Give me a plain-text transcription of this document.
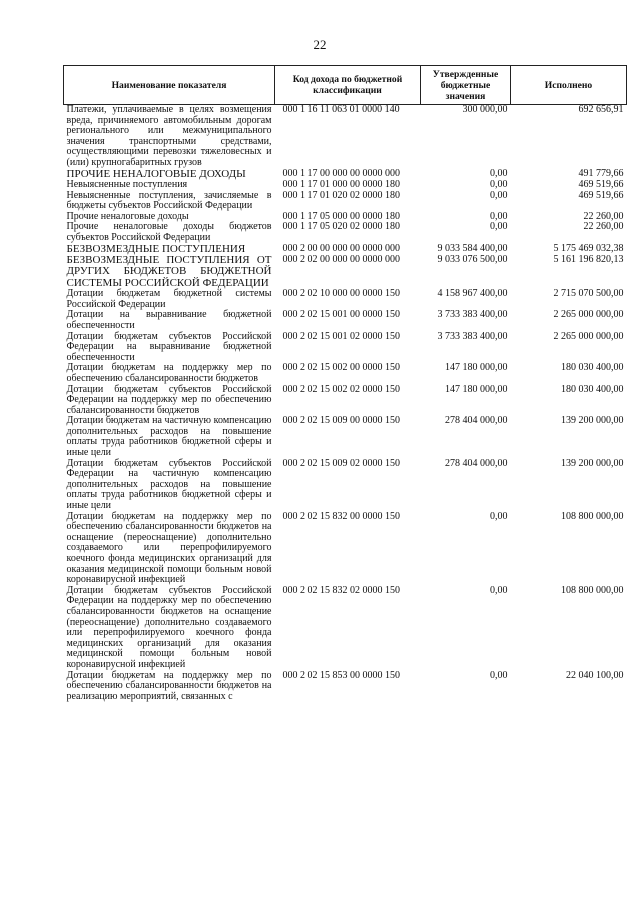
22
Наименование показателя	Код дохода по бюджетной классификации	Утвержденные бюджетные значения	Исполнено
Платежи, уплачиваемые в целях возмещения вреда, причиняемого автомобильным дорогам регионального или межмуниципального значения транспортными средствами, осуществляющими перевозки тяжеловесных и (или) крупногабаритных грузов	000 1 16 11 063 01 0000 140	300 000,00	692 656,91
ПРОЧИЕ НЕНАЛОГОВЫЕ ДОХОДЫ	000 1 17 00 000 00 0000 000	0,00	491 779,66
Невыясненные поступления	000 1 17 01 000 00 0000 180	0,00	469 519,66
Невыясненные поступления, зачисляемые в бюджеты субъектов Российской Федерации	000 1 17 01 020 02 0000 180	0,00	469 519,66
Прочие неналоговые доходы	000 1 17 05 000 00 0000 180	0,00	22 260,00
Прочие неналоговые доходы бюджетов субъектов Российской Федерации	000 1 17 05 020 02 0000 180	0,00	22 260,00
БЕЗВОЗМЕЗДНЫЕ ПОСТУПЛЕНИЯ	000 2 00 00 000 00 0000 000	9 033 584 400,00	5 175 469 032,38
БЕЗВОЗМЕЗДНЫЕ ПОСТУПЛЕНИЯ ОТ ДРУГИХ БЮДЖЕТОВ БЮДЖЕТНОЙ СИСТЕМЫ РОССИЙСКОЙ ФЕДЕРАЦИИ	000 2 02 00 000 00 0000 000	9 033 076 500,00	5 161 196 820,13
Дотации бюджетам бюджетной системы Российской Федерации	000 2 02 10 000 00 0000 150	4 158 967 400,00	2 715 070 500,00
Дотации на выравнивание бюджетной обеспеченности	000 2 02 15 001 00 0000 150	3 733 383 400,00	2 265 000 000,00
Дотации бюджетам субъектов Российской Федерации на выравнивание бюджетной обеспеченности	000 2 02 15 001 02 0000 150	3 733 383 400,00	2 265 000 000,00
Дотации бюджетам на поддержку мер по обеспечению сбалансированности бюджетов	000 2 02 15 002 00 0000 150	147 180 000,00	180 030 400,00
Дотации бюджетам субъектов Российской Федерации на поддержку мер по обеспечению сбалансированности бюджетов	000 2 02 15 002 02 0000 150	147 180 000,00	180 030 400,00
Дотации бюджетам на частичную компенсацию дополнительных расходов на повышение оплаты труда работников бюджетной сферы и иные цели	000 2 02 15 009 00 0000 150	278 404 000,00	139 200 000,00
Дотации бюджетам субъектов Российской Федерации на частичную компенсацию дополнительных расходов на повышение оплаты труда работников бюджетной сферы и иные цели	000 2 02 15 009 02 0000 150	278 404 000,00	139 200 000,00
Дотации бюджетам на поддержку мер по обеспечению сбалансированности бюджетов на оснащение (переоснащение) дополнительно создаваемого или перепрофилируемого коечного фонда медицинских организаций для оказания медицинской помощи больным новой коронавирусной инфекцией	000 2 02 15 832 00 0000 150	0,00	108 800 000,00
Дотации бюджетам субъектов Российской Федерации на поддержку мер по обеспечению сбалансированности бюджетов на оснащение (переоснащение) дополнительно создаваемого или перепрофилируемого коечного фонда медицинских организаций для оказания медицинской помощи больным новой коронавирусной инфекцией	000 2 02 15 832 02 0000 150	0,00	108 800 000,00
Дотации бюджетам на поддержку мер по обеспечению сбалансированности бюджетов на реализацию мероприятий, связанных с	000 2 02 15 853 00 0000 150	0,00	22 040 100,00
